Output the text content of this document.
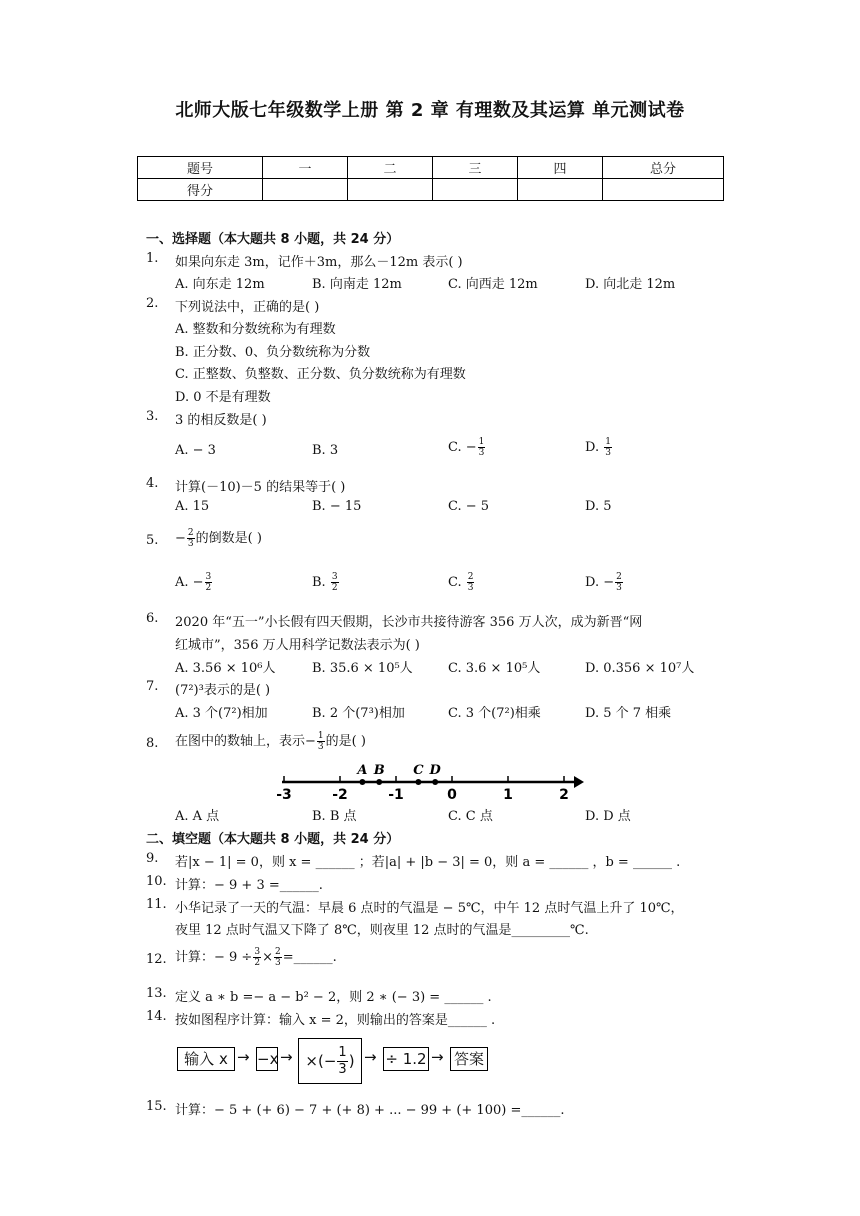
北师大版七年级数学上册 第 2 章 有理数及其运算 单元测试卷
题号	一	二	三	四	总分
得分					
一、选择题（本大题共 8 小题，共 24 分）
1. 如果向东走 3m，记作＋3m，那么－12m 表示( )
A. 向东走 12m	B. 向南走 12m	C. 向西走 12m	D. 向北走 12m
2. 下列说法中，正确的是( )
A. 整数和分数统称为有理数
B. 正分数、0、负分数统称为分数
C. 正整数、负整数、正分数、负分数统称为有理数
D. 0 不是有理数
3. 3 的相反数是( )
A. − 3	B. 3	C. − $\frac{1}{3}$	D. $\frac{1}{3}$
4. 计算(－10)－5 的结果等于( )
A. 15	B. − 15	C. − 5	D. 5
5. − $\frac{2}{3}$ 的倒数是( )
A. − $\frac{3}{2}$	B. $\frac{3}{2}$	C. $\frac{2}{3}$	D. − $\frac{2}{3}$
6. 2020 年“五一”小长假有四天假期，长沙市共接待游客 356 万人次，成为新晋“网
红城市”，356 万人用科学记数法表示为( )
A. 3.56 × 10⁶人	B. 35.6 × 10⁵人	C. 3.6 × 10⁵人	D. 0.356 × 10⁷人
7. (7²)³表示的是( )
A. 3 个(7²)相加	B. 2 个(7³)相加	C. 3 个(7²)相乘	D. 5 个 7 相乘
8. 在图中的数轴上，表示− $\frac{1}{3}$ 的是( )
-3	-2	-1	0	1	2
A B C D
A. A 点	B. B 点	C. C 点	D. D 点
二、填空题（本大题共 8 小题，共 24 分）
9. 若|x − 1| = 0，则 x = ______ ；若|a| + |b − 3| = 0，则 a = ______ ，b = ______ .
10. 计算：− 9 + 3 =______.
11. 小华记录了一天的气温：早晨 6 点时的气温是 − 5℃，中午 12 点时气温上升了 10℃，
夜里 12 点时气温又下降了 8℃，则夜里 12 点时的气温是_________℃.
12. 计算：− $9 \div \frac{3}{2} \times \frac{2}{3}$ =______.
13. 定义 a ∗ b =− a − b² − 2，则 2 ∗ (− 3) = ______ .
14. 按如图程序计算：输入 x = 2，则输出的答案是______ .
输入 x → −x → ×(− $\frac{1}{3}$ ) → ÷ 1.2 → 答案
15. 计算：− 5 + (+ 6) − 7 + (+ 8) + ... − 99 + (+ 100) =______.
